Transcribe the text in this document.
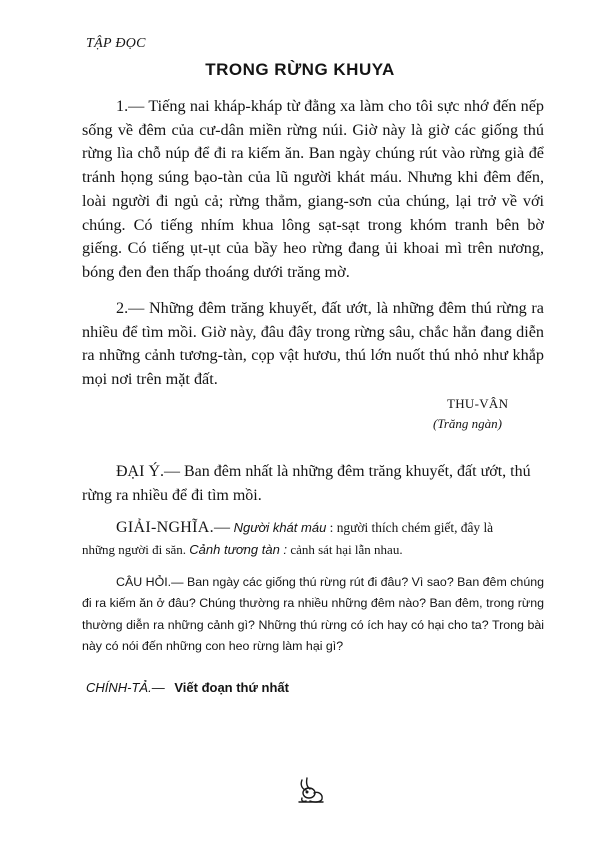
TẬP ĐỌC
TRONG RỪNG KHUYA

1.— Tiếng nai kháp-kháp từ đằng xa làm cho tôi sực nhớ đến nếp sống về đêm của cư-dân miền rừng núi. Giờ này là giờ các giống thú rừng lìa chỗ núp để đi ra kiếm ăn. Ban ngày chúng rút vào rừng già để tránh họng súng bạo-tàn của lũ người khát máu. Nhưng khi đêm đến, loài người đi ngủ cả; rừng thẳm, giang-sơn của chúng, lại trở về với chúng. Có tiếng nhím khua lông sạt-sạt trong khóm tranh bên bờ giếng. Có tiếng ụt-ụt của bầy heo rừng đang ủi khoai mì trên nương, bóng đen đen thấp thoáng dưới trăng mờ.

2.— Những đêm trăng khuyết, đất ướt, là những đêm thú rừng ra nhiều để tìm mồi. Giờ này, đâu đây trong rừng sâu, chắc hẳn đang diễn ra những cảnh tương-tàn, cọp vật hươu, thú lớn nuốt thú nhỏ như khắp mọi nơi trên mặt đất.

THU-VÂN
(Trăng ngàn)

ĐẠI Ý.— Ban đêm nhất là những đêm trăng khuyết, đất ướt, thú rừng ra nhiều để đi tìm mồi.

GIẢI-NGHĨA.— Người khát máu : người thích chém giết, đây là
những người đi săn. Cảnh tương tàn : cảnh sát hại lẫn nhau.

CÂU HỎI.— Ban ngày các giống thú rừng rút đi đâu? Vì sao? Ban đêm chúng đi ra kiếm ăn ở đâu? Chúng thường ra nhiều những đêm nào? Ban đêm, trong rừng thường diễn ra những cảnh gì? Những thú rừng có ích hay có hại cho ta? Trong bài này có nói đến những con heo rừng làm hại gì?

CHÍNH-TẢ.— Viết đoạn thứ nhất
